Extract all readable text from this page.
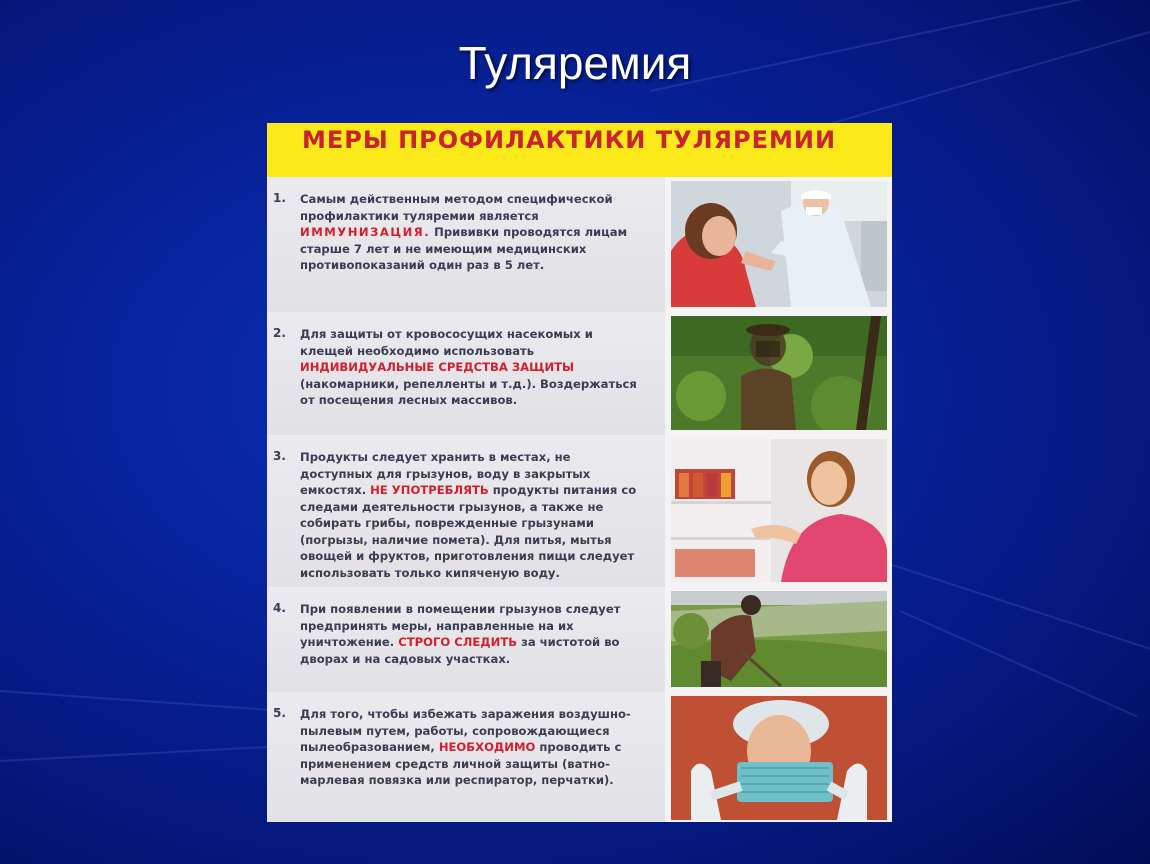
Туляремия
МЕРЫ ПРОФИЛАКТИКИ ТУЛЯРЕМИИ
1. Самым действенным методом специфической профилактики туляремии является ИММУНИЗАЦИЯ. Прививки проводятся лицам старше 7 лет и не имеющим медицинских противопоказаний один раз в 5 лет.
2. Для защиты от кровососущих насекомых и клещей необходимо использовать ИНДИВИДУАЛЬНЫЕ СРЕДСТВА ЗАЩИТЫ (накомарники, репелленты и т.д.). Воздержаться от посещения лесных массивов.
3. Продукты следует хранить в местах, не доступных для грызунов, воду в закрытых емкостях. НЕ УПОТРЕБЛЯТЬ продукты питания со следами деятельности грызунов, а также не собирать грибы, поврежденные грызунами (погрызы, наличие помета). Для питья, мытья овощей и фруктов, приготовления пищи следует использовать только кипяченую воду.
4. При появлении в помещении грызунов следует предпринять меры, направленные на их уничтожение. СТРОГО СЛЕДИТЬ за чистотой во дворах и на садовых участках.
5. Для того, чтобы избежать заражения воздушно-пылевым путем, работы, сопровождающиеся пылеобразованием, НЕОБХОДИМО проводить с применением средств личной защиты (ватно-марлевая повязка или респиратор, перчатки).
